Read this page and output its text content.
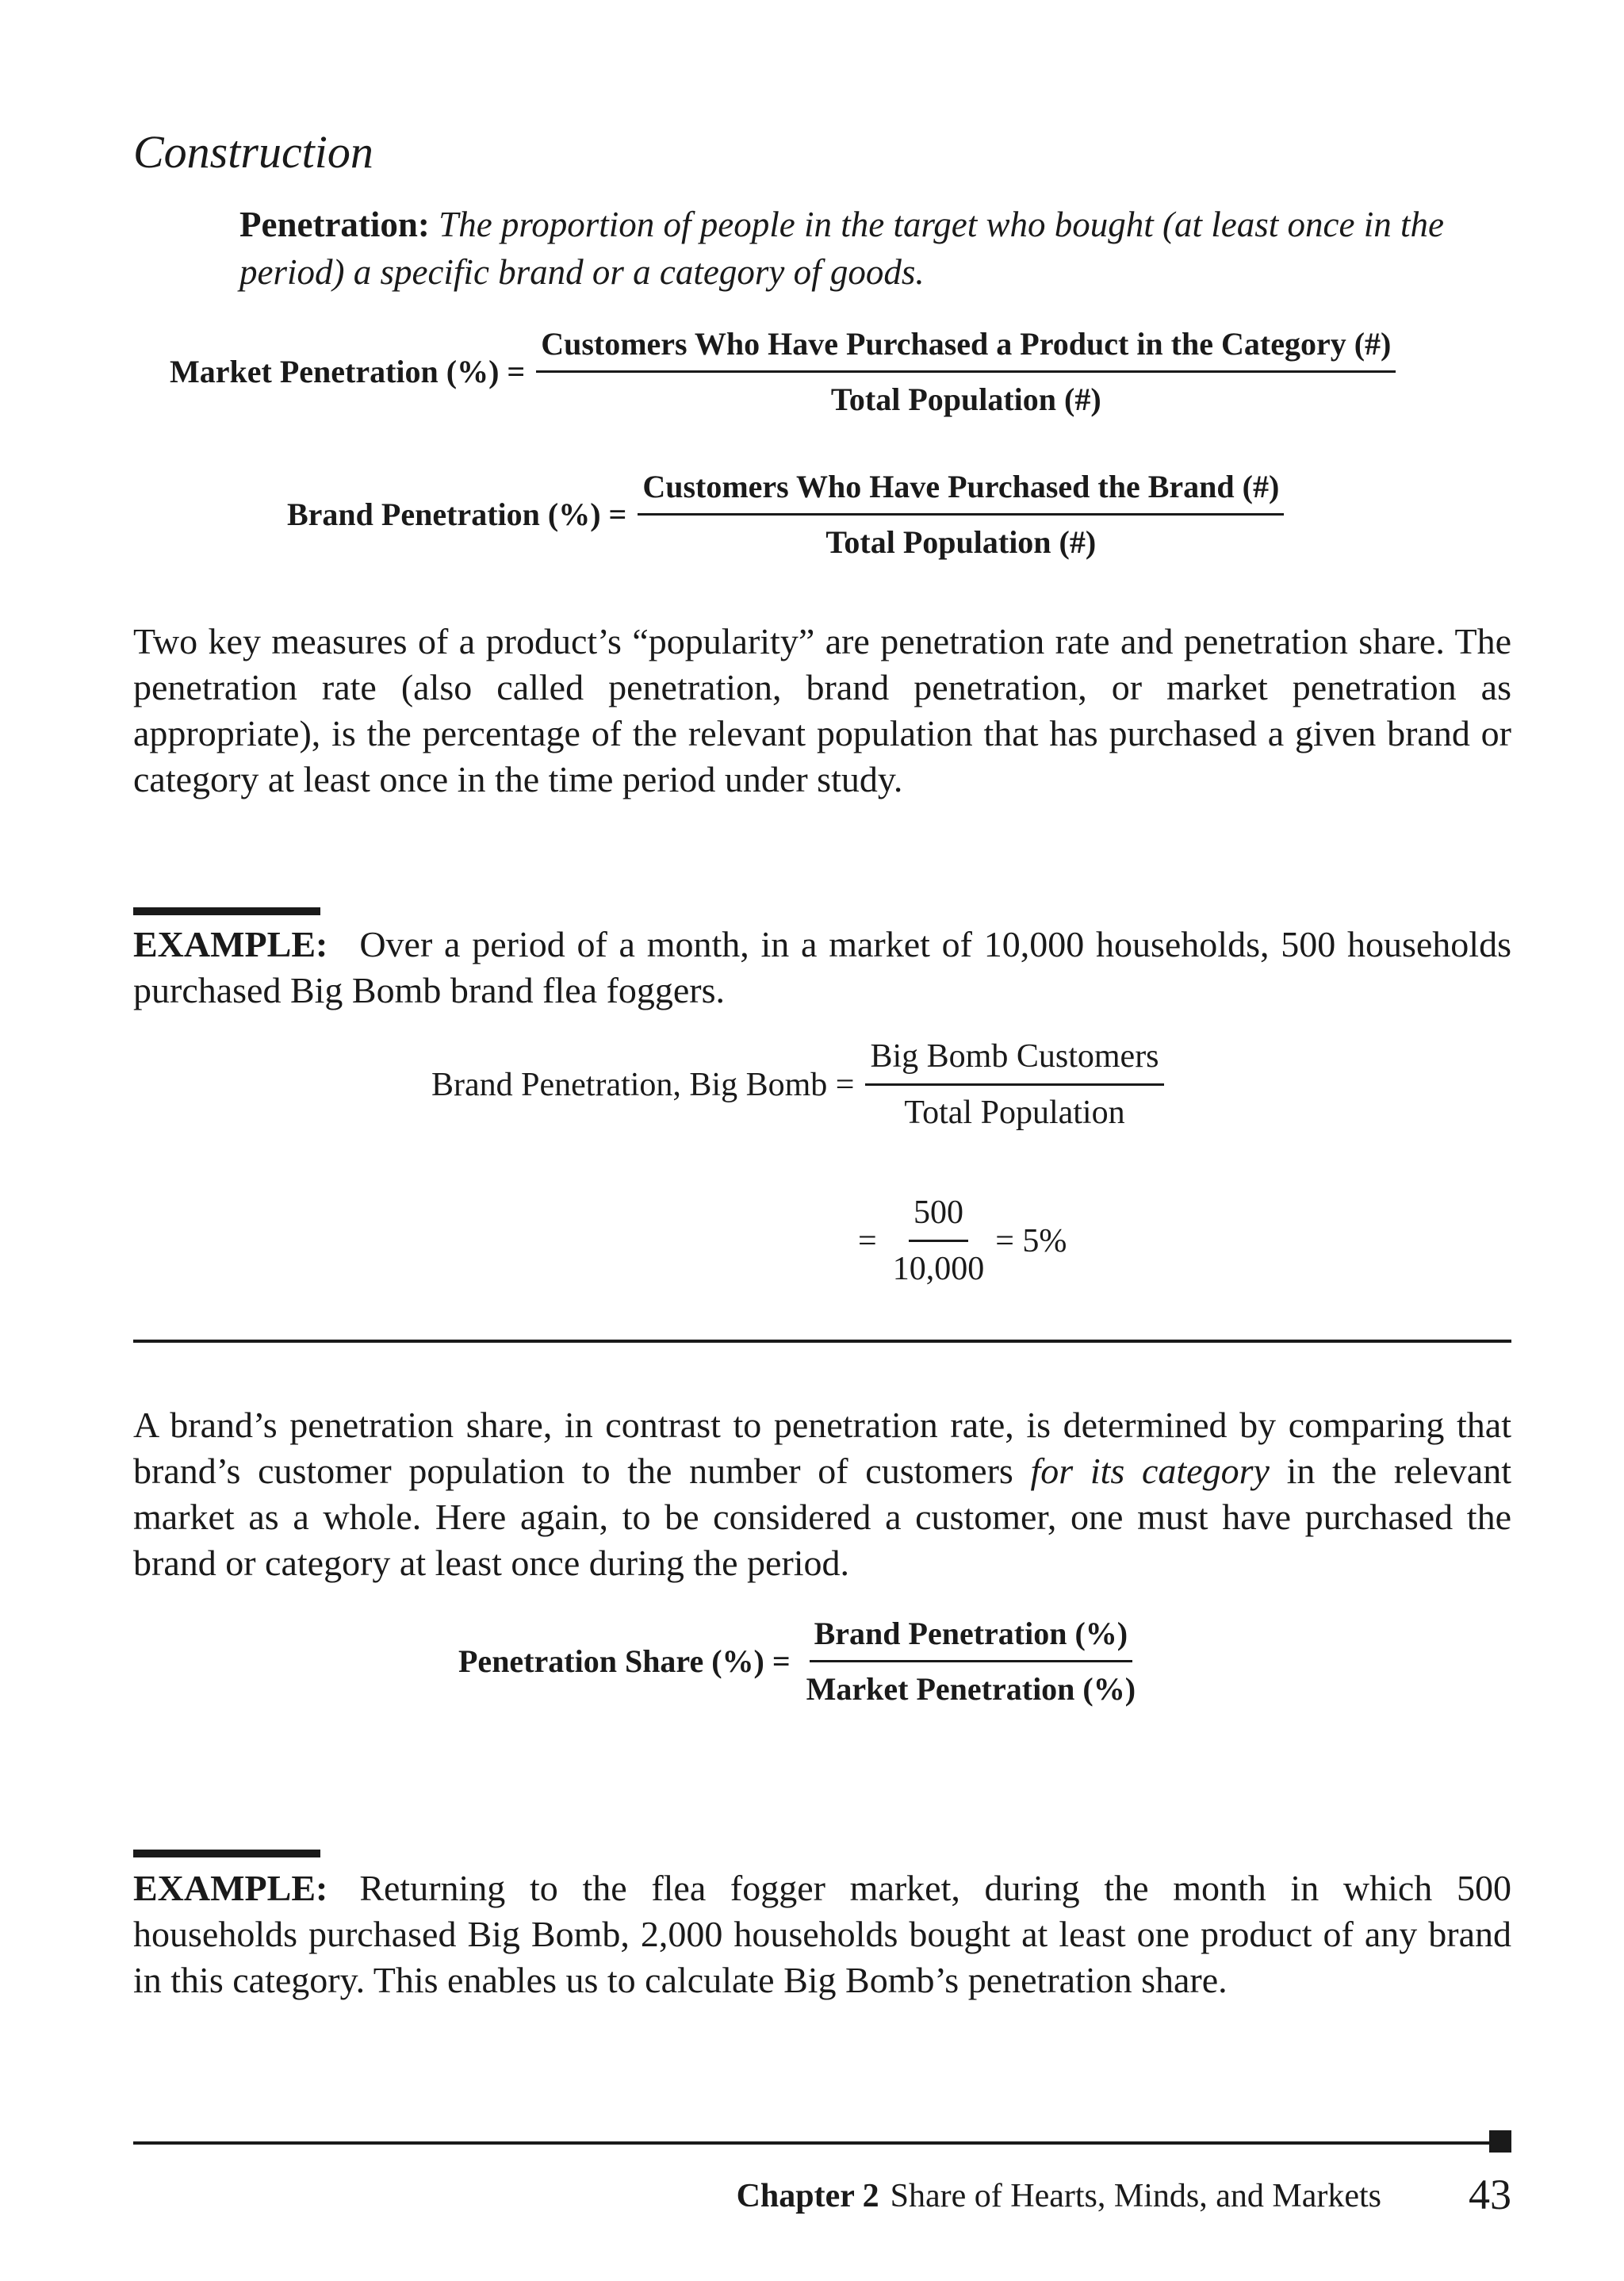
Construction

Penetration: The proportion of people in the target who bought (at least once in the period) a specific brand or a category of goods.

Market Penetration (%) = $\frac{\text{Customers Who Have Purchased a Product in the Category (\#)}}{\text{Total Population (\#)}}$
Brand Penetration (%) = $\frac{\text{Customers Who Have Purchased the Brand (\#)}}{\text{Total Population (\#)}}$

Two key measures of a product’s “popularity” are penetration rate and penetration share. The penetration rate (also called penetration, brand penetration, or market penetration as appropriate), is the percentage of the relevant population that has purchased a given brand or category at least once in the time period under study.

EXAMPLE: Over a period of a month, in a market of 10,000 households, 500 households purchased Big Bomb brand flea foggers.

Brand Penetration, Big Bomb = $\frac{\text{Big Bomb Customers}}{\text{Total Population}}$
= $\frac{500}{10,000} = 5\%$

A brand’s penetration share, in contrast to penetration rate, is determined by comparing that brand’s customer population to the number of customers for its category in the relevant market as a whole. Here again, to be considered a customer, one must have purchased the brand or category at least once during the period.

Penetration Share (%) = $\frac{\text{Brand Penetration (\%)}}{\text{Market Penetration (\%)}}$

EXAMPLE: Returning to the flea fogger market, during the month in which 500 households purchased Big Bomb, 2,000 households bought at least one product of any brand in this category. This enables us to calculate Big Bomb’s penetration share.

Chapter 2 Share of Hearts, Minds, and Markets 43
